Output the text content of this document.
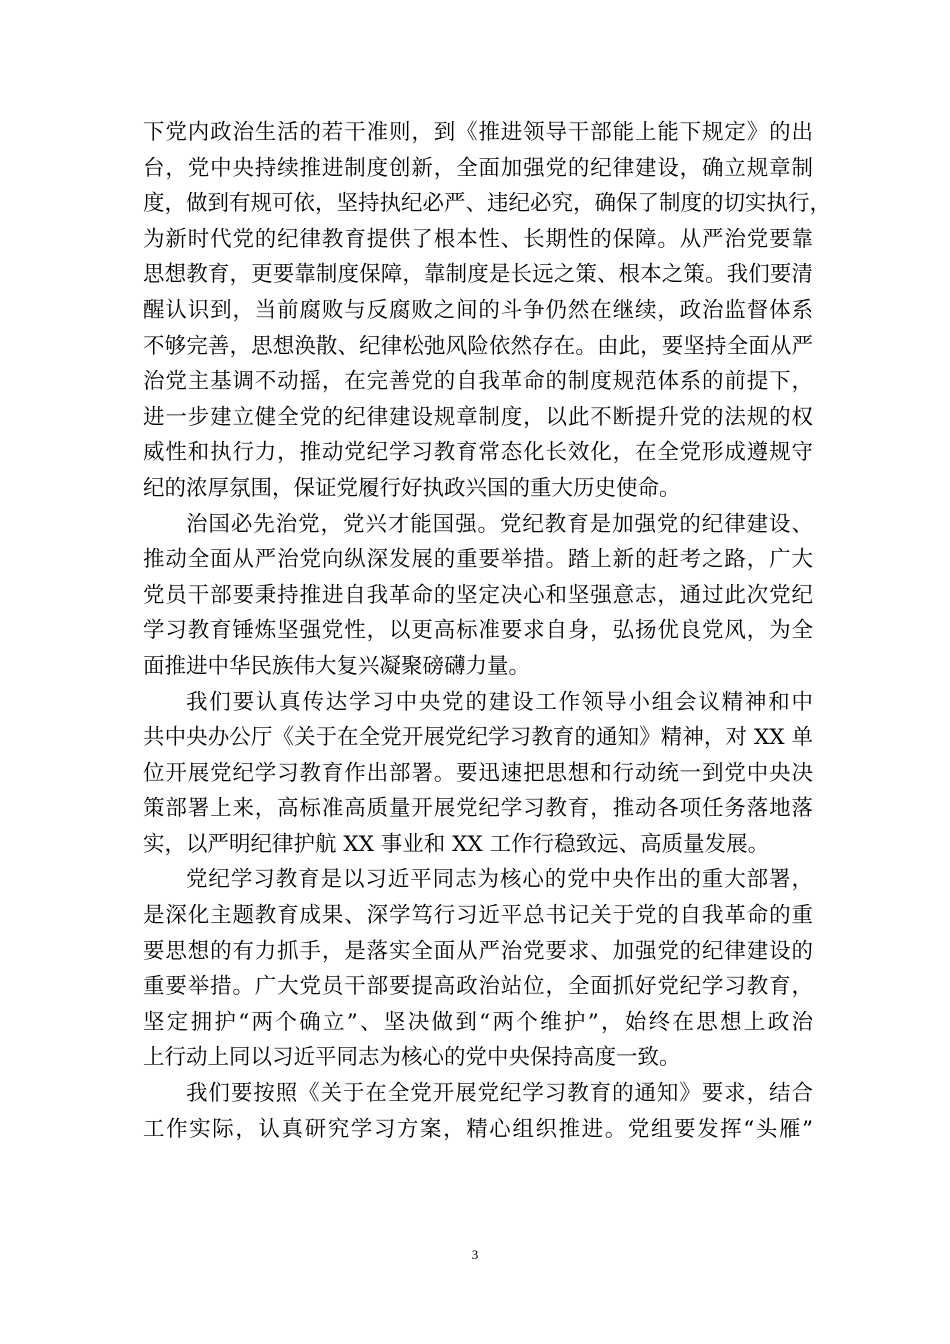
下党内政治生活的若干准则，到《推进领导干部能上能下规定》的出
台，党中央持续推进制度创新，全面加强党的纪律建设，确立规章制
度，做到有规可依，坚持执纪必严、违纪必究，确保了制度的切实执行，
为新时代党的纪律教育提供了根本性、长期性的保障。从严治党要靠
思想教育，更要靠制度保障，靠制度是长远之策、根本之策。我们要清
醒认识到，当前腐败与反腐败之间的斗争仍然在继续，政治监督体系
不够完善，思想涣散、纪律松弛风险依然存在。由此，要坚持全面从严
治党主基调不动摇，在完善党的自我革命的制度规范体系的前提下，
进一步建立健全党的纪律建设规章制度，以此不断提升党的法规的权
威性和执行力，推动党纪学习教育常态化长效化，在全党形成遵规守
纪的浓厚氛围，保证党履行好执政兴国的重大历史使命。
治国必先治党，党兴才能国强。党纪教育是加强党的纪律建设、
推动全面从严治党向纵深发展的重要举措。踏上新的赶考之路，广大
党员干部要秉持推进自我革命的坚定决心和坚强意志，通过此次党纪
学习教育锤炼坚强党性，以更高标准要求自身，弘扬优良党风，为全
面推进中华民族伟大复兴凝聚磅礴力量。
我们要认真传达学习中央党的建设工作领导小组会议精神和中
共中央办公厅《关于在全党开展党纪学习教育的通知》精神，对 XX 单
位开展党纪学习教育作出部署。要迅速把思想和行动统一到党中央决
策部署上来，高标准高质量开展党纪学习教育，推动各项任务落地落
实，以严明纪律护航 XX 事业和 XX 工作行稳致远、高质量发展。
党纪学习教育是以习近平同志为核心的党中央作出的重大部署，
是深化主题教育成果、深学笃行习近平总书记关于党的自我革命的重
要思想的有力抓手，是落实全面从严治党要求、加强党的纪律建设的
重要举措。广大党员干部要提高政治站位，全面抓好党纪学习教育，
坚定拥护“两个确立”、坚决做到“两个维护”，始终在思想上政治
上行动上同以习近平同志为核心的党中央保持高度一致。
我们要按照《关于在全党开展党纪学习教育的通知》要求，结合
工作实际，认真研究学习方案，精心组织推进。党组要发挥“头雁”
3
